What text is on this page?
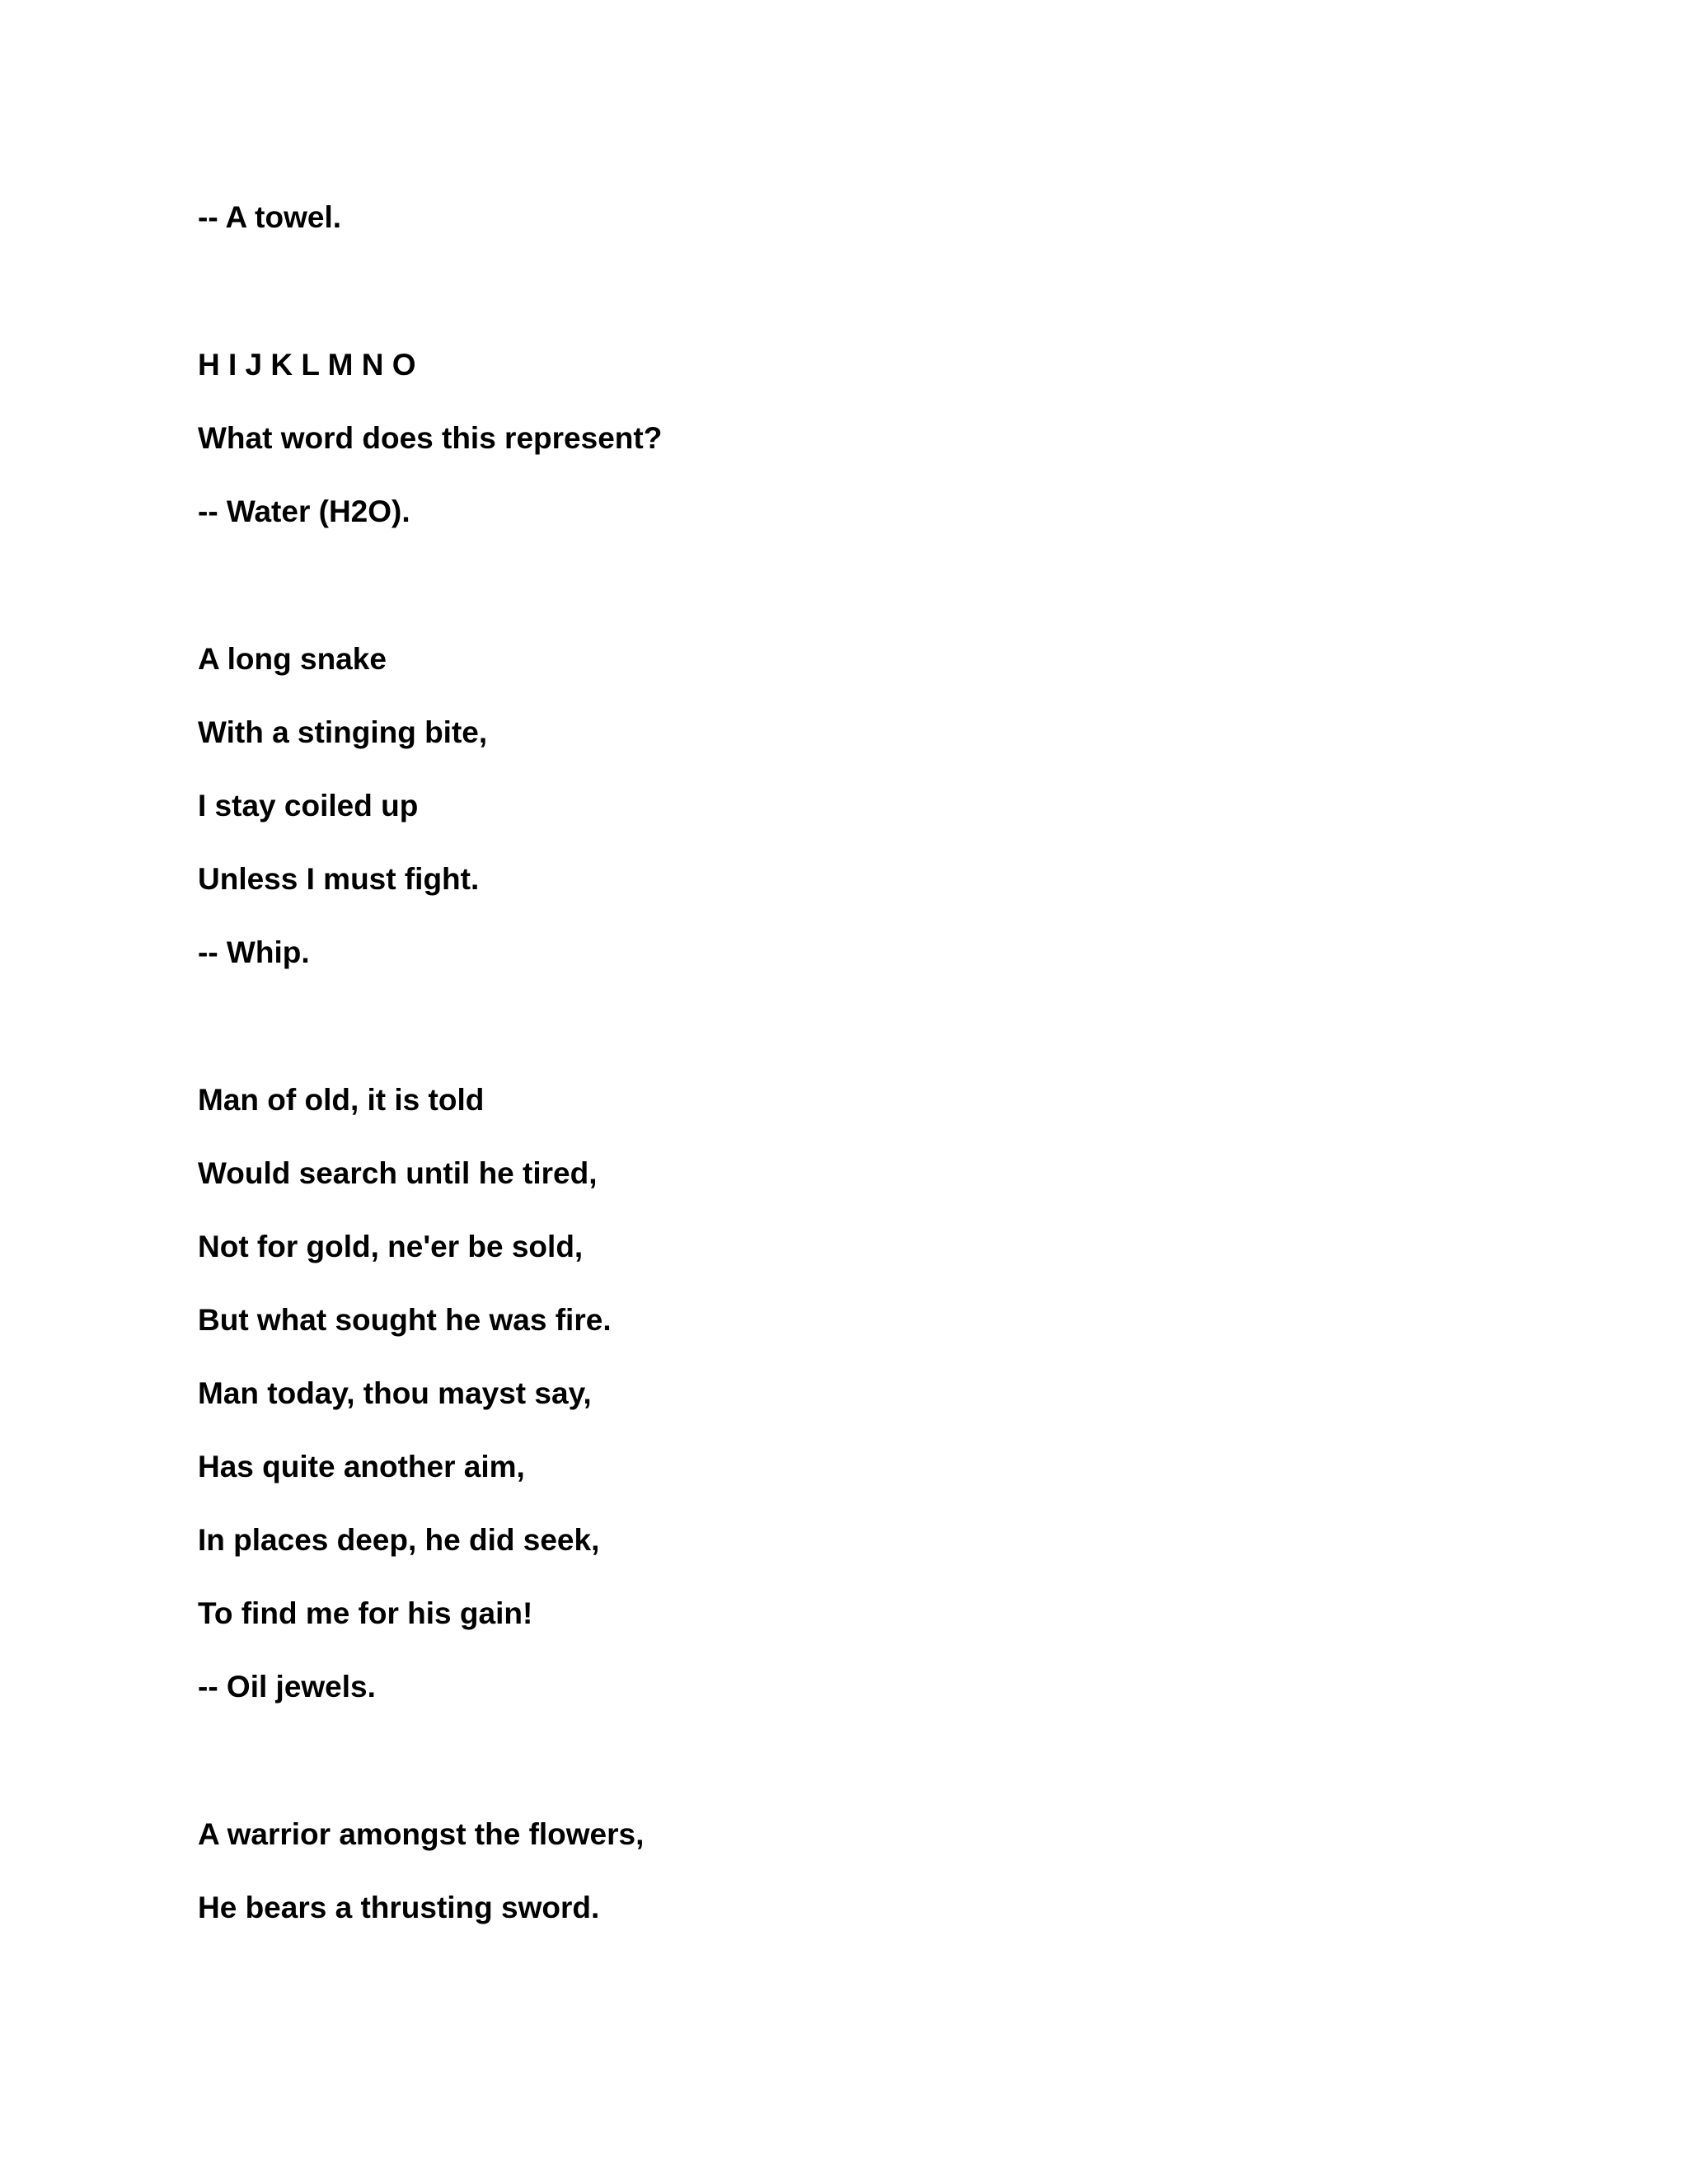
-- A towel.

H I J K L M N O

What word does this represent?

-- Water (H2O).

A long snake

With a stinging bite,

I stay coiled up

Unless I must fight.

-- Whip.

Man of old, it is told

Would search until he tired,

Not for gold, ne'er be sold,

But what sought he was fire.

Man today, thou mayst say,

Has quite another aim,

In places deep, he did seek,

To find me for his gain!

-- Oil jewels.

A warrior amongst the flowers,

He bears a thrusting sword.
